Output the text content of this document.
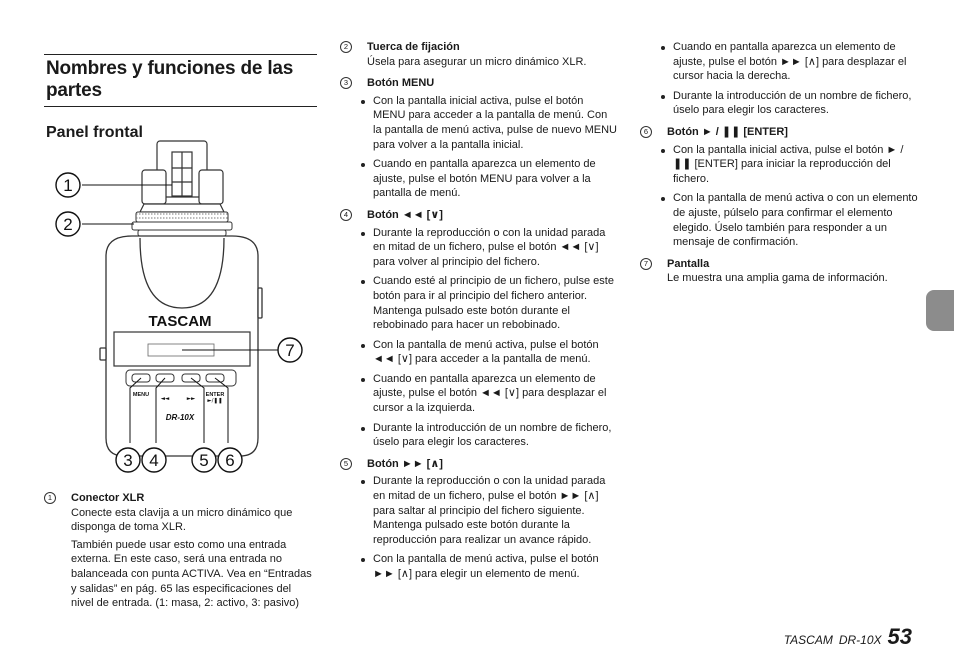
Nombres y funciones de las partes
Panel frontal
TASCAM
MENU
◄◄	►►
ENTER
►/❚❚
DR-10X
1
2
7
3 4 5 6
1	Conector XLR
Conecte esta clavija a un micro dinámico que disponga de toma XLR.
También puede usar esto como una entrada externa. En este caso, será una entrada no balanceada con punta ACTIVA. Vea en “Entradas y salidas” en pág. 65 las especificaciones del nivel de entrada. (1: masa, 2: activo, 3: pasivo)
2	Tuerca de fijación
Úsela para asegurar un micro dinámico XLR.
3	Botón MENU
Con la pantalla inicial activa, pulse el botón MENU para acceder a la pantalla de menú. Con la pantalla de menú activa, pulse de nuevo MENU para volver a la pantalla inicial.
Cuando en pantalla aparezca un elemento de ajuste, pulse el botón MENU para volver a la pantalla de menú.
4	Botón ◄◄ [∨]
Durante la reproducción o con la unidad parada en mitad de un fichero, pulse el botón ◄◄ [∨] para volver al principio del fichero.
Cuando esté al principio de un fichero, pulse este botón para ir al principio del fichero anterior. Mantenga pulsado este botón durante el rebobinado para hacer un rebobinado.
Con la pantalla de menú activa, pulse el botón ◄◄ [∨] para acceder a la pantalla de menú.
Cuando en pantalla aparezca un elemento de ajuste, pulse el botón ◄◄ [∨] para desplazar el cursor a la izquierda.
Durante la introducción de un nombre de fichero, úselo para elegir los caracteres.
5	Botón ►► [∧]
Durante la reproducción o con la unidad parada en mitad de un fichero, pulse el botón ►► [∧] para saltar al principio del fichero siguiente. Mantenga pulsado este botón durante la reproducción para realizar un avance rápido.
Con la pantalla de menú activa, pulse el botón ►► [∧] para elegir un elemento de menú.
Cuando en pantalla aparezca un elemento de ajuste, pulse el botón ►► [∧] para desplazar el cursor hacia la derecha.
Durante la introducción de un nombre de fichero, úselo para elegir los caracteres.
6	Botón ► / ❚❚ [ENTER]
Con la pantalla inicial activa, pulse el botón ► / ❚❚ [ENTER] para iniciar la reproducción del fichero.
Con la pantalla de menú activa o con un elemento de ajuste, púlselo para confirmar el elemento elegido. Úselo también para responder a un mensaje de confirmación.
7	Pantalla
Le muestra una amplia gama de información.
TASCAM DR-10X 53
